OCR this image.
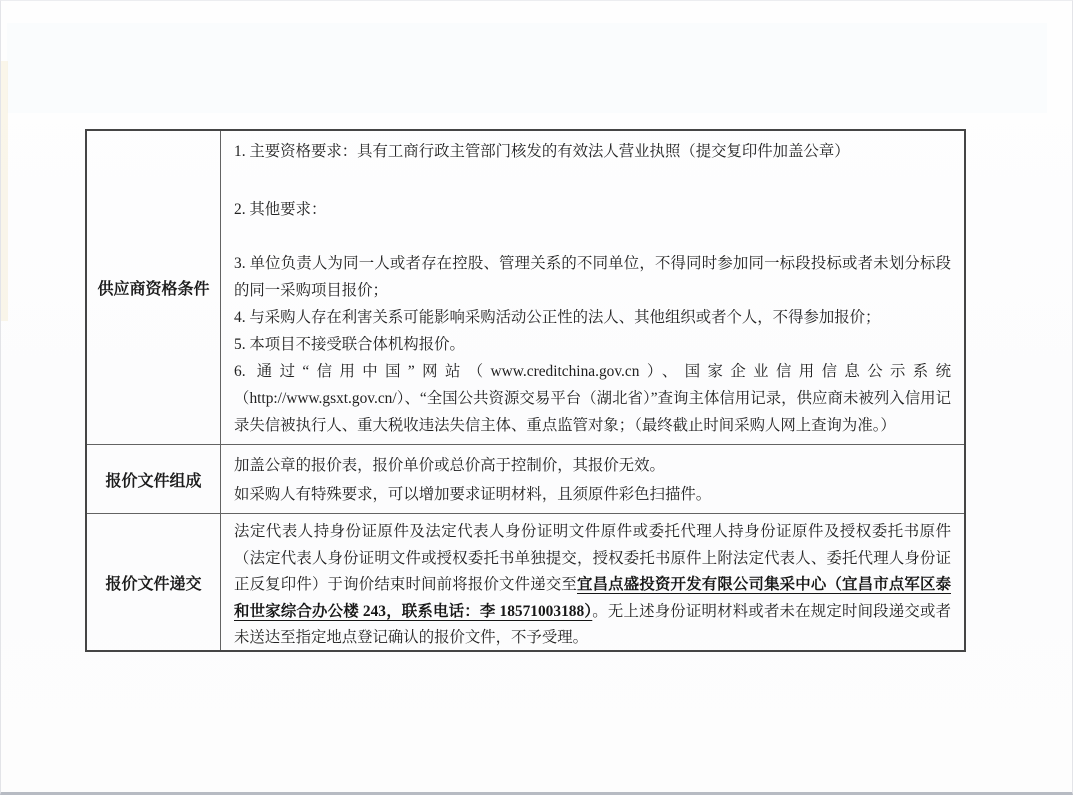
供应商资格条件

1. 主要资格要求：具有工商行政主管部门核发的有效法人营业执照（提交复印件加盖公章）

2. 其他要求：

3. 单位负责人为同一人或者存在控股、管理关系的不同单位，不得同时参加同一标段投标或者未划分标段的同一采购项目报价；

4. 与采购人存在利害关系可能影响采购活动公正性的法人、其他组织或者个人，不得参加报价；

5. 本项目不接受联合体机构报价。

6. 通过“信用中国”网站（www.creditchina.gov.cn）、国家企业信用信息公示系统（http://www.gsxt.gov.cn/）、“全国公共资源交易平台（湖北省）”查询主体信用记录，供应商未被列入信用记录失信被执行人、重大税收违法失信主体、重点监管对象；（最终截止时间采购人网上查询为准。）

报价文件组成

加盖公章的报价表，报价单价或总价高于控制价，其报价无效。

如采购人有特殊要求，可以增加要求证明材料，且须原件彩色扫描件。

报价文件递交

法定代表人持身份证原件及法定代表人身份证明文件原件或委托代理人持身份证原件及授权委托书原件（法定代表人身份证明文件或授权委托书单独提交，授权委托书原件上附法定代表人、委托代理人身份证正反复印件）于询价结束时间前将报价文件递交至宜昌点盛投资开发有限公司集采中心（宜昌市点军区泰和世家综合办公楼 243，联系电话：李 18571003188）。无上述身份证明材料或者未在规定时间段递交或者未送达至指定地点登记确认的报价文件，不予受理。
